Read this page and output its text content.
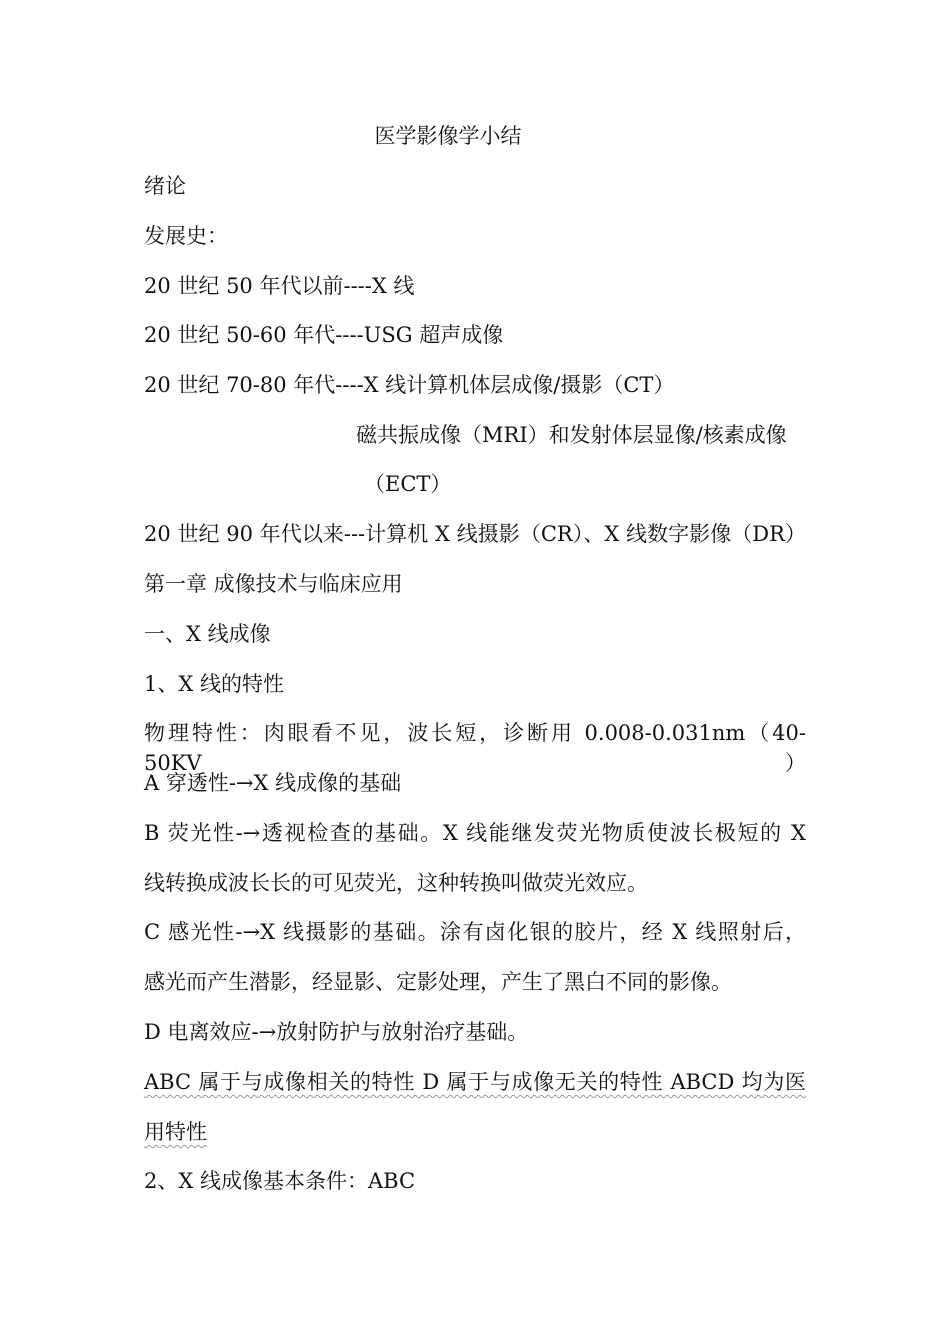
医学影像学小结
绪论
发展史：
20 世纪 50 年代以前----X 线
20 世纪 50-60 年代----USG 超声成像
20 世纪 70-80 年代----X 线计算机体层成像/摄影（CT）
磁共振成像（MRI）和发射体层显像/核素成像
（ECT）
20 世纪 90 年代以来---计算机 X 线摄影（CR）、X 线数字影像（DR）
第一章 成像技术与临床应用
一、X 线成像
1、X 线的特性
物理特性：肉眼看不见，波长短，诊断用 0.008-0.031nm（40-50KV）
A 穿透性-→X 线成像的基础
B 荧光性-→透视检查的基础。X 线能继发荧光物质使波长极短的 X
线转换成波长长的可见荧光，这种转换叫做荧光效应。
C 感光性-→X 线摄影的基础。涂有卤化银的胶片，经 X 线照射后，
感光而产生潜影，经显影、定影处理，产生了黑白不同的影像。
D 电离效应-→放射防护与放射治疗基础。
ABC 属于与成像相关的特性 D 属于与成像无关的特性 ABCD 均为医
用特性
2、X 线成像基本条件：ABC
